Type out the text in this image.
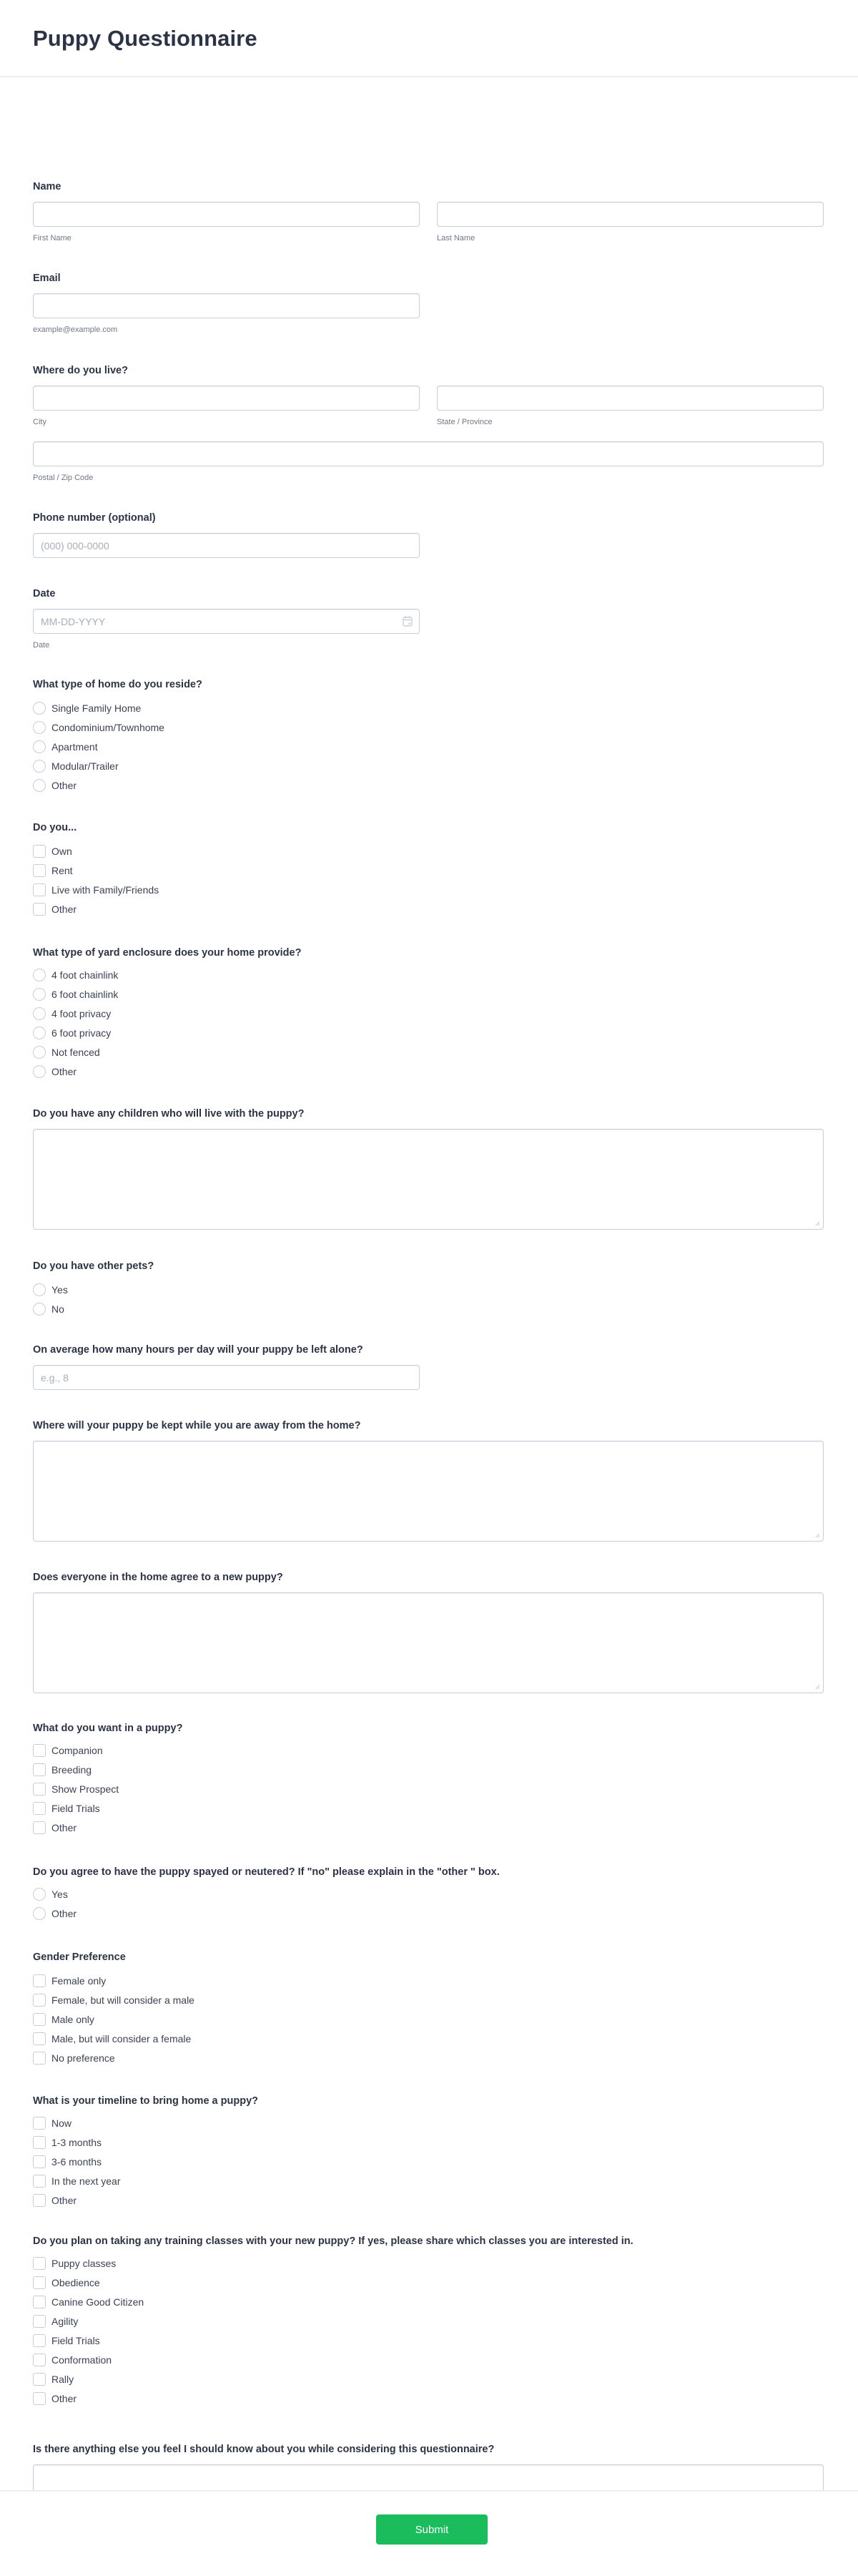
Puppy Questionnaire
Name
First Name	Last Name
Email
example@example.com
Where do you live?
City	State / Province
Postal / Zip Code
Phone number (optional)
(000) 000-0000
Date
MM-DD-YYYY
Date
What type of home do you reside?
Single Family Home
Condominium/Townhome
Apartment
Modular/Trailer
Other
Do you...
Own
Rent
Live with Family/Friends
Other
What type of yard enclosure does your home provide?
4 foot chainlink
6 foot chainlink
4 foot privacy
6 foot privacy
Not fenced
Other
Do you have any children who will live with the puppy?
Do you have other pets?
Yes
No
On average how many hours per day will your puppy be left alone?
e.g., 8
Where will your puppy be kept while you are away from the home?
Does everyone in the home agree to a new puppy?
What do you want in a puppy?
Companion
Breeding
Show Prospect
Field Trials
Other
Do you agree to have the puppy spayed or neutered? If "no" please explain in the "other " box.
Yes
Other
Gender Preference
Female only
Female, but will consider a male
Male only
Male, but will consider a female
No preference
What is your timeline to bring home a puppy?
Now
1-3 months
3-6 months
In the next year
Other
Do you plan on taking any training classes with your new puppy? If yes, please share which classes you are interested in.
Puppy classes
Obedience
Canine Good Citizen
Agility
Field Trials
Conformation
Rally
Other
Is there anything else you feel I should know about you while considering this questionnaire?
Submit
